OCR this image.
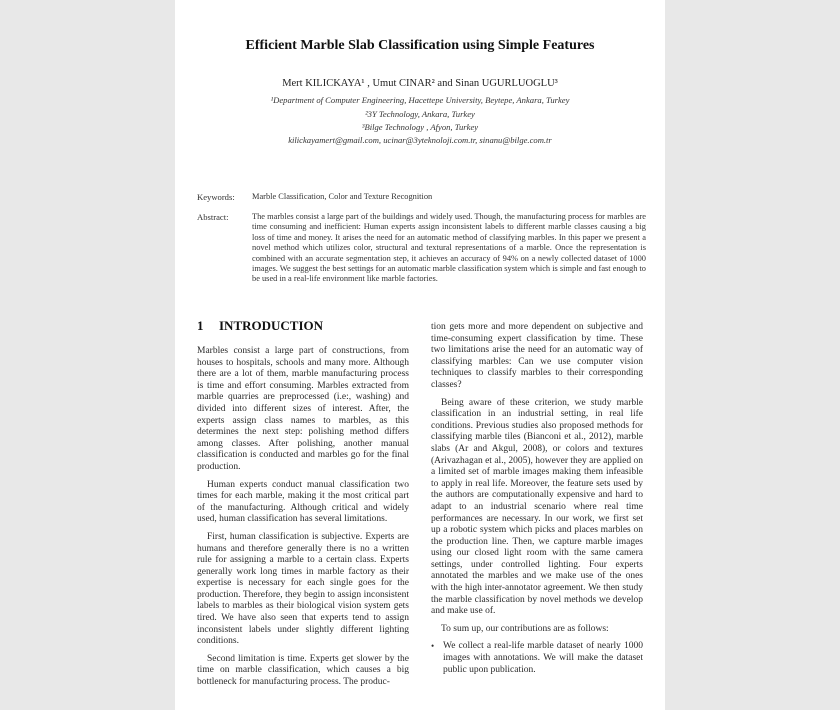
Efficient Marble Slab Classification using Simple Features
Mert KILICKAYA¹ , Umut CINAR² and Sinan UGURLUOGLU³
¹Department of Computer Engineering, Hacettepe University, Beytepe, Ankara, Turkey
²3Y Technology, Ankara, Turkey
³Bilge Technology , Afyon, Turkey
kilickayamert@gmail.com, ucinar@3yteknoloji.com.tr, sinanu@bilge.com.tr
Keywords: Marble Classification, Color and Texture Recognition
Abstract:	The marbles consist a large part of the buildings and widely used. Though, the manufacturing process for marbles are time consuming and inefficient: Human experts assign inconsistent labels to different marble classes causing a big loss of time and money. It arises the need for an automatic method of classifying marbles. In this paper we present a novel method which utilizes color, structural and textural representations of a marble. Once the representation is combined with an accurate segmentation step, it achieves an accuracy of 94% on a newly collected dataset of 1000 images. We suggest the best settings for an automatic marble classification system which is simple and fast enough to be used in a real-life environment like marble factories.
1 INTRODUCTION

Marbles consist a large part of constructions, from houses to hospitals, schools and many more. Although there are a lot of them, marble manufacturing process is time and effort consuming. Marbles extracted from marble quarries are preprocessed (i.e:, washing) and divided into different sizes of interest. After, the experts assign class names to marbles, as this determines the next step: polishing method differs among classes. After polishing, another manual classification is conducted and marbles go for the final production.

Human experts conduct manual classification two times for each marble, making it the most critical part of the manufacturing. Although critical and widely used, human classification has several limitations.

First, human classification is subjective. Experts are humans and therefore generally there is no a written rule for assigning a marble to a certain class. Experts generally work long times in marble factory as their expertise is necessary for each single goes for the production. Therefore, they begin to assign inconsistent labels to marbles as their biological vision system gets tired. We have also seen that experts tend to assign inconsistent labels under slightly different lighting conditions.

Second limitation is time. Experts get slower by the time on marble classification, which causes a big bottleneck for manufacturing process. The produc-

tion gets more and more dependent on subjective and time-consuming expert classification by time. These two limitations arise the need for an automatic way of classifying marbles: Can we use computer vision techniques to classify marbles to their corresponding classes?

Being aware of these criterion, we study marble classification in an industrial setting, in real life conditions. Previous studies also proposed methods for classifying marble tiles (Bianconi et al., 2012), marble slabs (Ar and Akgul, 2008), or colors and textures (Arivazhagan et al., 2005), however they are applied on a limited set of marble images making them infeasible to apply in real life. Moreover, the feature sets used by the authors are computationally expensive and hard to adapt to an industrial scenario where real time performances are necessary. In our work, we first set up a robotic system which picks and places marbles on the production line. Then, we capture marble images using our closed light room with the same camera settings, under controlled lighting. Four experts annotated the marbles and we make use of the ones with the high inter-annotator agreement. We then study the marble classification by novel methods we develop and make use of.

To sum up, our contributions are as follows:

• We collect a real-life marble dataset of nearly 1000 images with annotations. We will make the dataset public upon publication.
